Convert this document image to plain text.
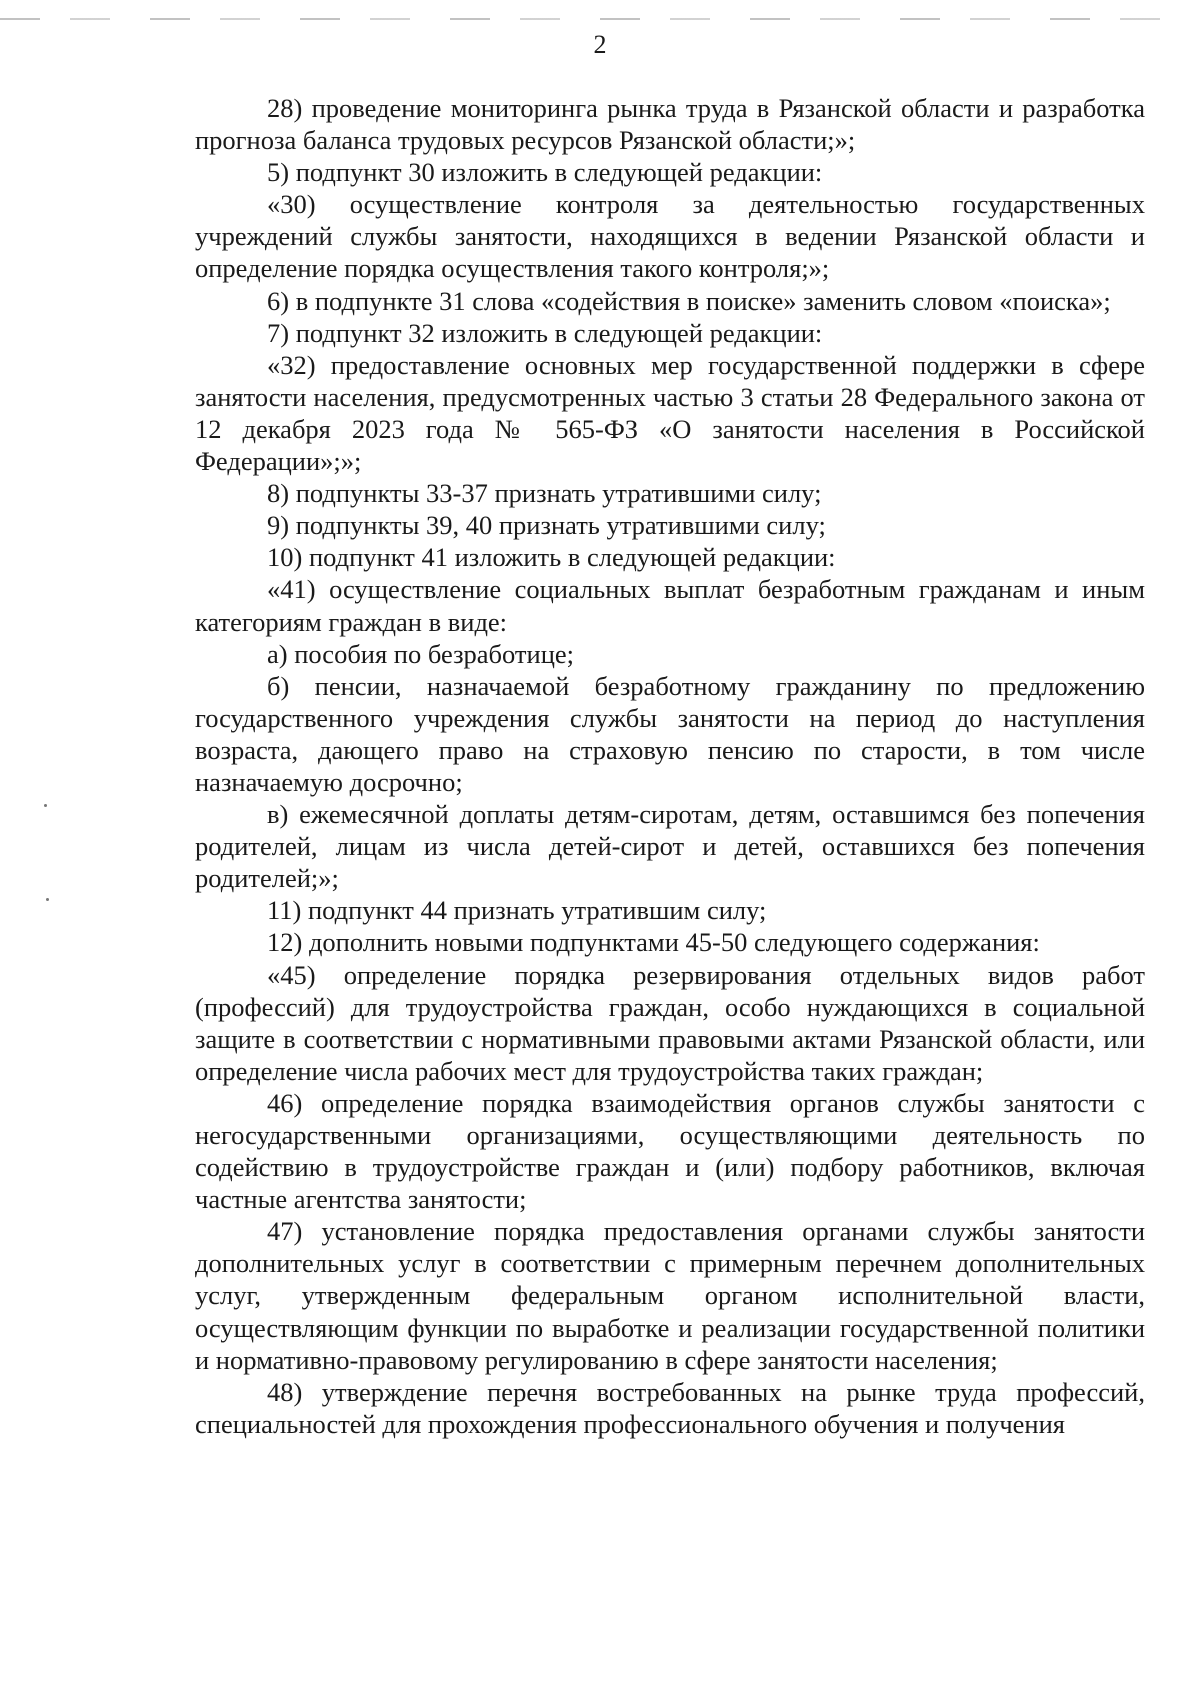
2

28) проведение мониторинга рынка труда в Рязанской области и разработка прогноза баланса трудовых ресурсов Рязанской области;»;

5) подпункт 30 изложить в следующей редакции:

«30) осуществление контроля за деятельностью государственных учреждений службы занятости, находящихся в ведении Рязанской области и определение порядка осуществления такого контроля;»;

6) в подпункте 31 слова «содействия в поиске» заменить словом «поиска»;

7) подпункт 32 изложить в следующей редакции:

«32) предоставление основных мер государственной поддержки в сфере занятости населения, предусмотренных частью 3 статьи 28 Федерального закона от 12 декабря 2023 года № 565-ФЗ «О занятости населения в Российской Федерации»;»;

8) подпункты 33-37 признать утратившими силу;

9) подпункты 39, 40 признать утратившими силу;

10) подпункт 41 изложить в следующей редакции:

«41) осуществление социальных выплат безработным гражданам и иным категориям граждан в виде:

а) пособия по безработице;

б) пенсии, назначаемой безработному гражданину по предложению государственного учреждения службы занятости на период до наступления возраста, дающего право на страховую пенсию по старости, в том числе назначаемую досрочно;

в) ежемесячной доплаты детям-сиротам, детям, оставшимся без попечения родителей, лицам из числа детей-сирот и детей, оставшихся без попечения родителей;»;

11) подпункт 44 признать утратившим силу;

12) дополнить новыми подпунктами 45-50 следующего содержания:

«45) определение порядка резервирования отдельных видов работ (профессий) для трудоустройства граждан, особо нуждающихся в социальной защите в соответствии с нормативными правовыми актами Рязанской области, или определение числа рабочих мест для трудоустройства таких граждан;

46) определение порядка взаимодействия органов службы занятости с негосударственными организациями, осуществляющими деятельность по содействию в трудоустройстве граждан и (или) подбору работников, включая частные агентства занятости;

47) установление порядка предоставления органами службы занятости дополнительных услуг в соответствии с примерным перечнем дополнительных услуг, утвержденным федеральным органом исполнительной власти, осуществляющим функции по выработке и реализации государственной политики и нормативно-правовому регулированию в сфере занятости населения;

48) утверждение перечня востребованных на рынке труда профессий, специальностей для прохождения профессионального обучения и получения
